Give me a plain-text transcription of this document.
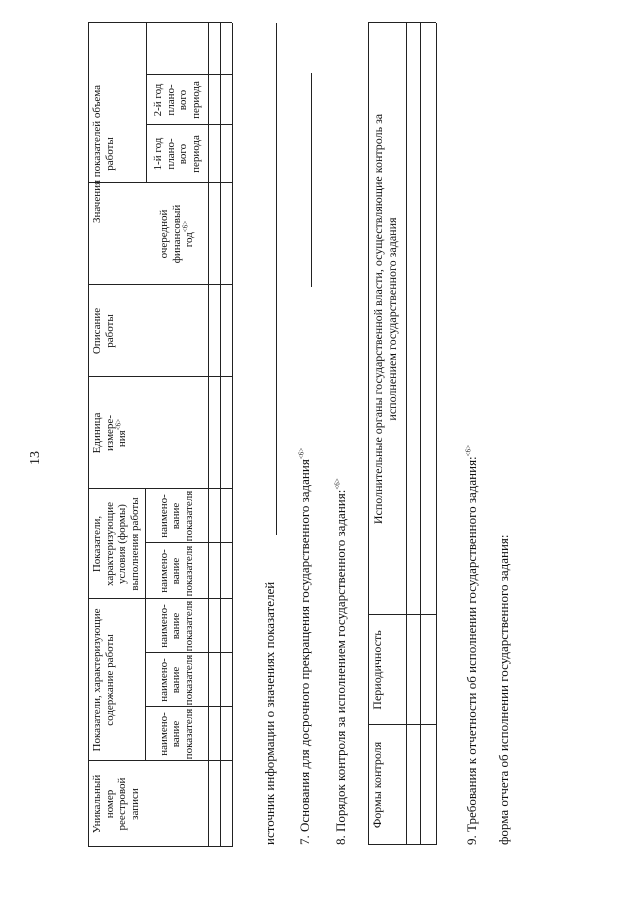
13
Уникальный
номер
реестровой
записи
Показатели, характеризующие
содержание работы
наимено-
вание
показателя
наимено-
вание
показателя
наимено-
вание
показателя
Показатели,
характеризующие
условия (формы)
выполнения работы
наимено-
вание
показателя
наимено-
вание
показателя
Единица
измере-
ния$^{<6>}$
Описание
работы
Значения показателей объема
работы
очередной
финансовый
год$^{<6>}$
1-й год
плано-
вого
периода
2-й год
плано-
вого
периода
источник информации о значениях показателей 7. Основания для досрочного прекращения государственного задания$^{<6>}$
8. Порядок контроля за исполнением государственного задания:$^{<6>}$
Формы контроля
Периодичность
Исполнительные органы государственной власти, осуществляющие контроль за
исполнением государственного задания
9. Требования к отчетности об исполнении государственного задания:$^{<6>}$
форма отчета об исполнении государственного задания:
